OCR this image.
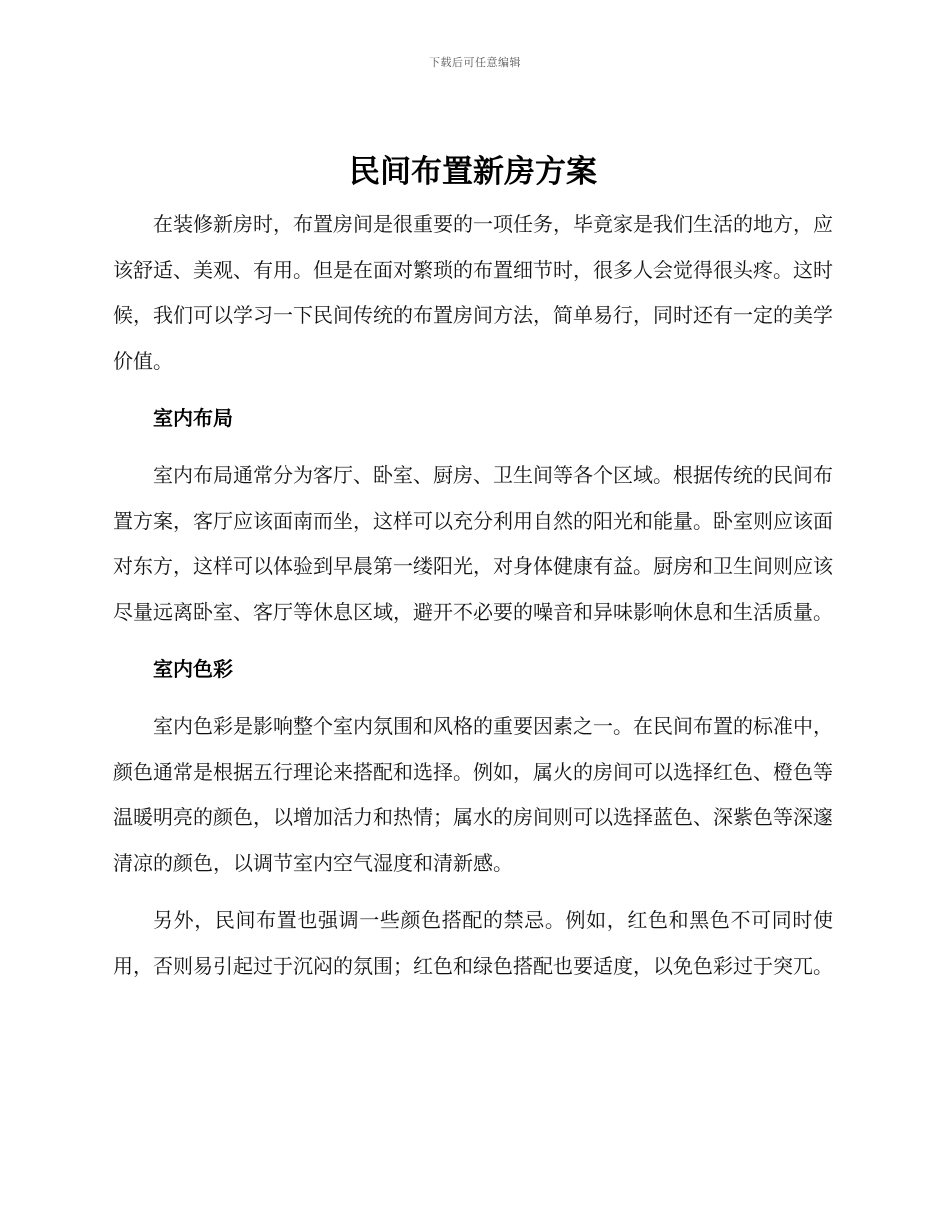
下载后可任意编辑
民间布置新房方案

在装修新房时，布置房间是很重要的一项任务，毕竟家是我们生活的地方，应该舒适、美观、有用。但是在面对繁琐的布置细节时，很多人会觉得很头疼。这时候，我们可以学习一下民间传统的布置房间方法，简单易行，同时还有一定的美学价值。

室内布局

室内布局通常分为客厅、卧室、厨房、卫生间等各个区域。根据传统的民间布置方案，客厅应该面南而坐，这样可以充分利用自然的阳光和能量。卧室则应该面对东方，这样可以体验到早晨第一缕阳光，对身体健康有益。厨房和卫生间则应该尽量远离卧室、客厅等休息区域，避开不必要的噪音和异味影响休息和生活质量。

室内色彩

室内色彩是影响整个室内氛围和风格的重要因素之一。在民间布置的标准中，颜色通常是根据五行理论来搭配和选择。例如，属火的房间可以选择红色、橙色等温暖明亮的颜色，以增加活力和热情；属水的房间则可以选择蓝色、深紫色等深邃清凉的颜色，以调节室内空气湿度和清新感。

另外，民间布置也强调一些颜色搭配的禁忌。例如，红色和黑色不可同时使用，否则易引起过于沉闷的氛围；红色和绿色搭配也要适度，以免色彩过于突兀。
